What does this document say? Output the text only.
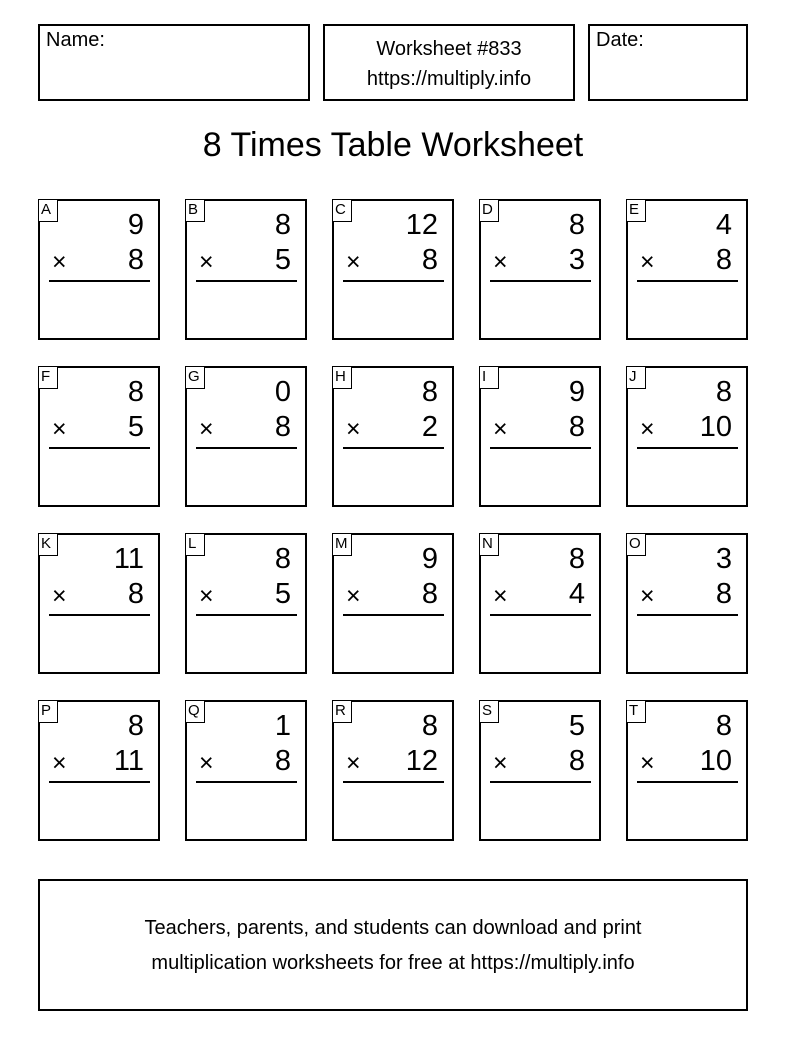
Name:	Worksheet #833
https://multiply.info
Date:
8 Times Table Worksheet
A	9
× 8
B	8
× 5
C 12
× 8
D	8
× 3
E	4
× 8
F	8
× 5
G	0
× 8
H	8
× 2
I	9
× 8
J	8
× 10
K 11
× 8
L	8
× 5
M	9
× 8
N	8
× 4
O	3
× 8
P	8
× 11
Q	1
× 8
R	8
× 12
S	5
× 8
T	8
× 10
Teachers, parents, and students can download and print
multiplication worksheets for free at https://multiply.info
